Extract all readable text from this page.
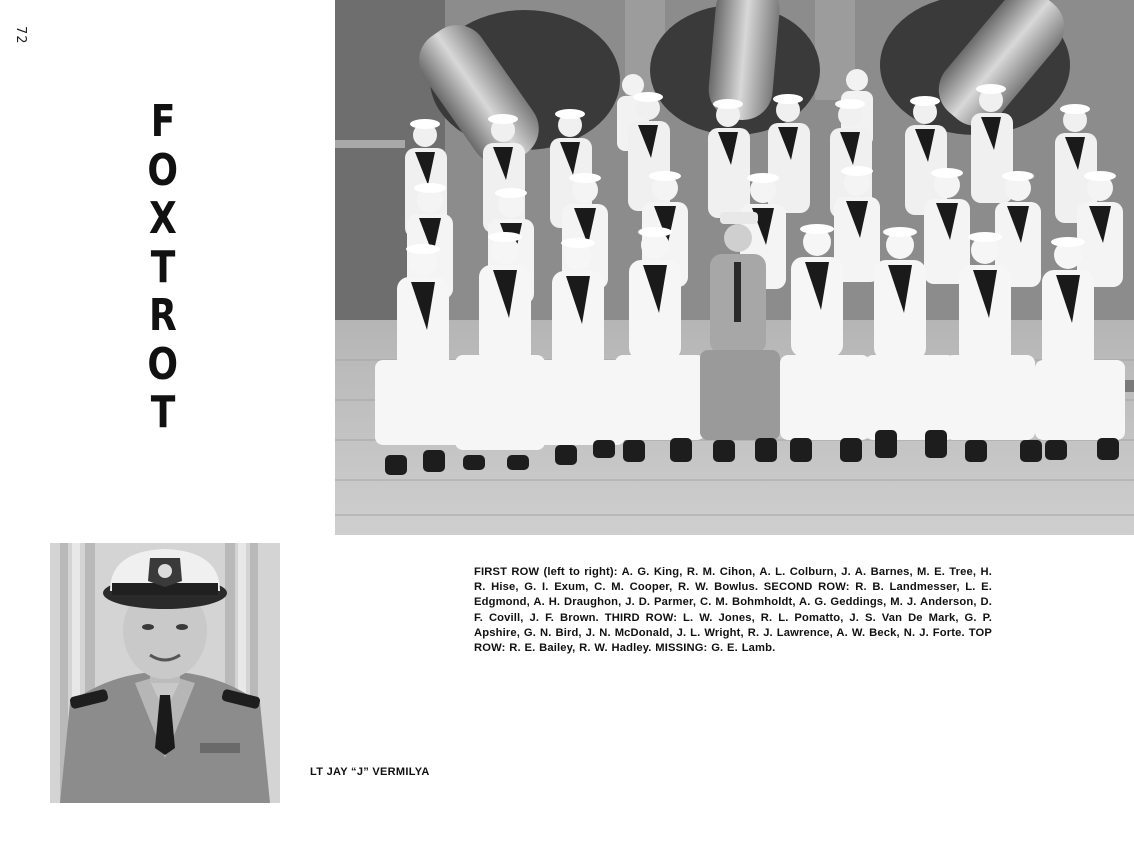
72
F
O
X
T
R
O
T
LT JAY “J” VERMILYA
FIRST ROW (left to right): A. G. King, R. M. Cihon, A. L. Colburn, J. A. Barnes, M. E. Tree, H. R. Hise, G. I. Exum, C. M. Cooper, R. W. Bowlus. SECOND ROW: R. B. Landmesser, L. E. Edgmond, A. H. Draughon, J. D. Parmer, C. M. Bohmholdt, A. G. Geddings, M. J. Anderson, D. F. Covill, J. F. Brown. THIRD ROW: L. W. Jones, R. L. Pomatto, J. S. Van De Mark, G. P. Apshire, G. N. Bird, J. N. McDonald, J. L. Wright, R. J. Lawrence, A. W. Beck, N. J. Forte. TOP ROW: R. E. Bailey, R. W. Hadley. MISSING: G. E. Lamb.
